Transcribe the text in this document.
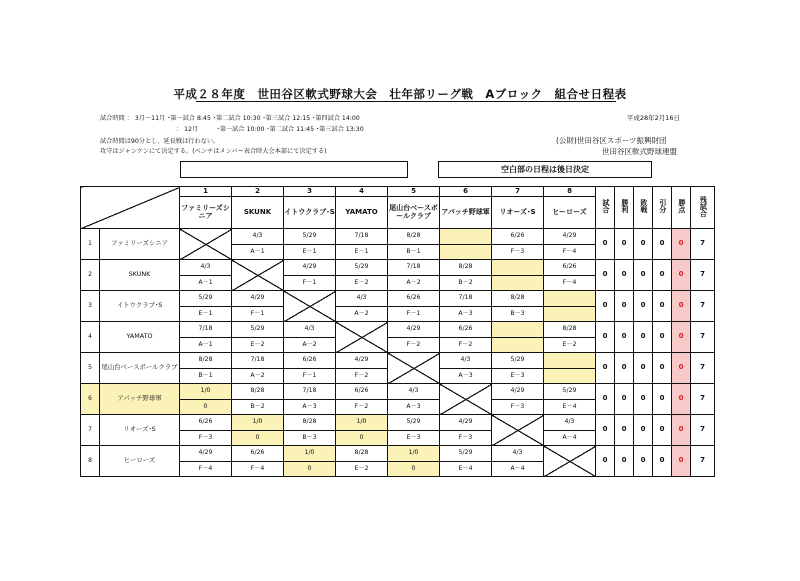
平成２８年度　世田谷区軟式野球大会　壮年部リーグ戦　Aブロック　組合せ日程表
平成28年2月16日
試合時間 ： 3月～11月 ･第一試合 8:45 ･第二試合 10:30 ･第三試合 12:15 ･第四試合 14:00
： 12月　　　･第一試合 10:00 ･第二試合 11:45 ･第三試合 13:30
試合時間は90分とし、延長戦は行わない。
攻守はジャンケンにて決定する。(ベンチはメンバー表合時大会本部にて決定する)
(公財)世田谷区スポーツ振興財団
世田谷区軟式野球連盟
空白部の日程は後日決定
		1	2	3	4	5	6	7	8	試合	勝利	敗戦	引分	勝点	残試合
		ファミリーズシニア	SKUNK	イトウクラブ･S	YAMATO	尾山台ベースボールクラブ	アパッチ野球軍	リオーズ･S	ヒーローズ						
1	ファミリーズシニア		4/3	5/29	7/18	8/28		6/26	4/29	0	0	0	0	0	7
			A－1	E－1	E－1	B－1		F－3	F－4						
2	SKUNK	4/3		4/29	5/29	7/18	8/28		6/26	0	0	0	0	0	7
		A－1		F－1	E－2	A－2	B－2		F－4						
3	イトウクラブ･S	5/29	4/29		4/3	6/26	7/18	8/28		0	0	0	0	0	7
		E－1	F－1		A－2	F－1	A－3	B－3							
4	YAMATO	7/18	5/29	4/3		4/29	6/26		8/28	0	0	0	0	0	7
		A－1	E－2	A－2		F－2	F－2		E－2						
5	尾山台ベースボールクラブ	8/28	7/18	6/26	4/29		4/3	5/29		0	0	0	0	0	7
		B－1	A－2	F－1	F－2		A－3	E－3							
6	アパッチ野球軍	1/0	8/28	7/18	6/26	4/3		4/29	5/29	0	0	0	0	0	7
		0	B－2	A－3	F－2	A－3		F－3	E－4						
7	リオーズ･S	6/26	1/0	8/28	1/0	5/29	4/29		4/3	0	0	0	0	0	7
		F－3	0	B－3	0	E－3	F－3		A－4						
8	ヒーローズ	4/29	6/26	1/0	8/28	1/0	5/29	4/3		0	0	0	0	0	7
		F－4	F－4	0	E－2	0	E－4	A－4							
